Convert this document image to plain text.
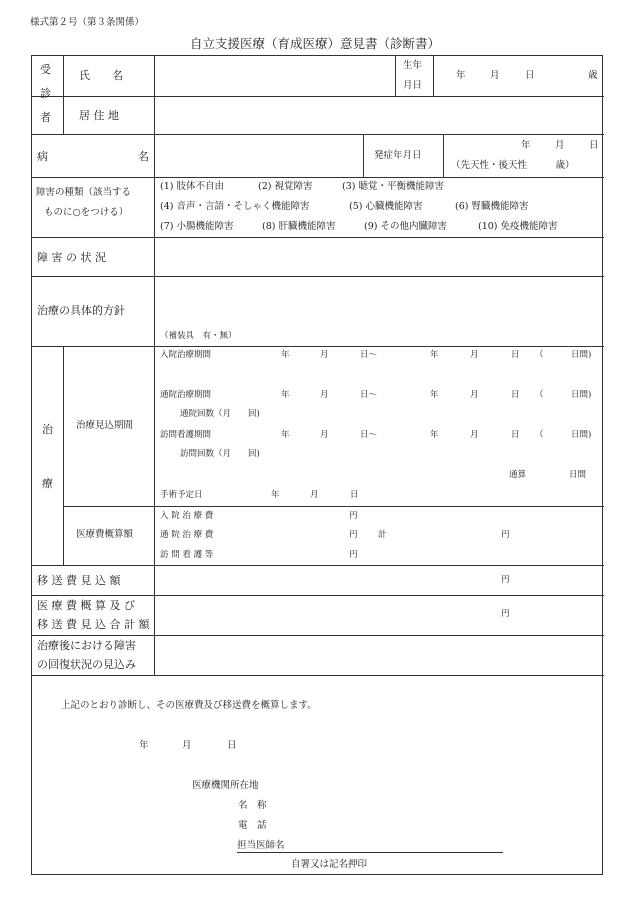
様式第２号（第３条関係）
自立支援医療（育成医療）意見書（診断書）
受
診
者
氏　　名
生年
月日
年	月	日	歳
居 住 地
病	名	発症年月日
年	月	日
（先天性・後天性　　　歳）
障害の種類（該当する
ものに○をつける）
(1) 肢体不自由	(2) 視覚障害	(3) 聴覚・平衡機能障害
(4) 音声・言語・そしゃく機能障害	(5) 心臓機能障害	(6) 腎臓機能障害
(7) 小腸機能障害	(8) 肝臓機能障害	(9) その他内臓障害	(10) 免疫機能障害
障 害 の 状 況
治療の具体的方針
（補装具　有・無）
治
療
治療見込期間
入院治療期間	年	月	日～	年	月	日 （	日間)
通院治療期間	年	月	日～	年	月	日 （	日間)
通院回数（月　　回)
訪問看護期間	年	月	日～	年	月	日 （	日間)
訪問回数（月　　回)
通算	日間
手術予定日	年	月	日
医療費概算額
入 院 治 療 費	円
通 院 治 療 費	円 計	円
訪 問 看 護 等	円
移 送 費 見 込 額	円
医 療 費 概 算 及 び
移 送 費 見 込 合 計 額
円
治療後における障害
の回復状況の見込み
上記のとおり診断し、その医療費及び移送費を概算します。
年	月	日
医療機関所在地
名　称
電　話
担当医師名
自署又は記名押印
